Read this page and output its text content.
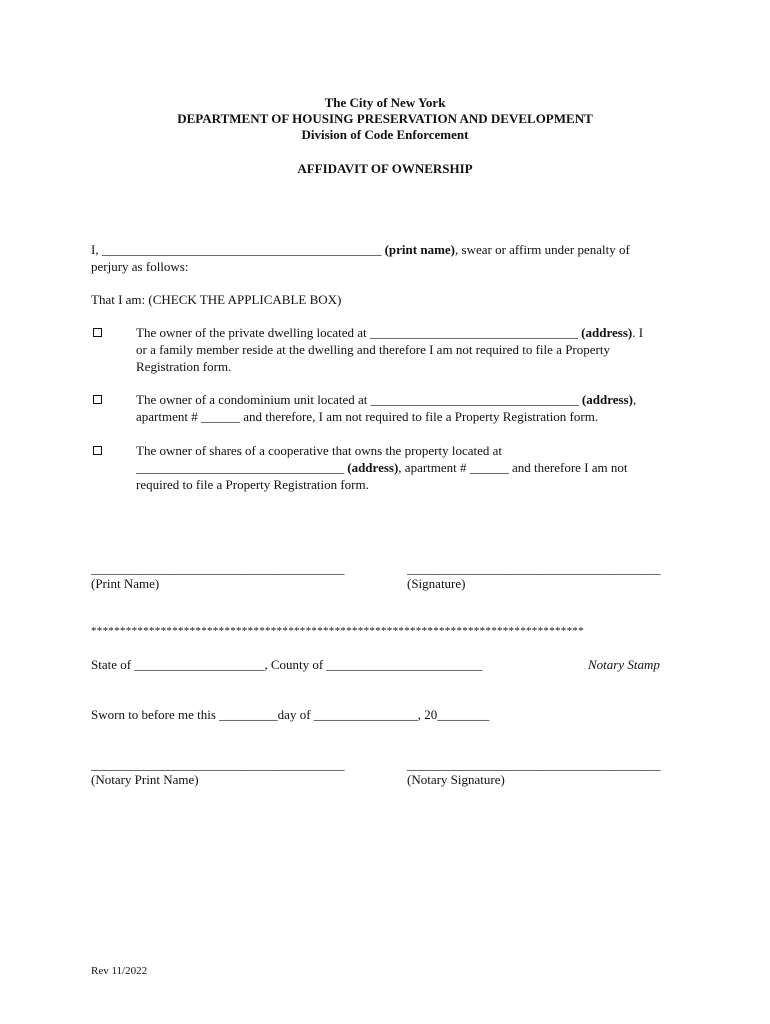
The City of New York
DEPARTMENT OF HOUSING PRESERVATION AND DEVELOPMENT
Division of Code Enforcement
AFFIDAVIT OF OWNERSHIP
I, ___________________________________________ (print name), swear or affirm under penalty of
perjury as follows:
That I am: (CHECK THE APPLICABLE BOX)
The owner of the private dwelling located at ________________________________ (address). I
or a family member reside at the dwelling and therefore I am not required to file a Property
Registration form.
The owner of a condominium unit located at ________________________________ (address),
apartment # ______ and therefore, I am not required to file a Property Registration form.
The owner of shares of a cooperative that owns the property located at
________________________________ (address), apartment # ______ and therefore I am not
required to file a Property Registration form.
_______________________________________	_______________________________________
(Print Name)	(Signature)
*************************************************************************************
State of ____________________, County of ________________________	Notary Stamp
Sworn to before me this _________day of ________________, 20________
_______________________________________	_______________________________________
(Notary Print Name)	(Notary Signature)
Rev 11/2022
